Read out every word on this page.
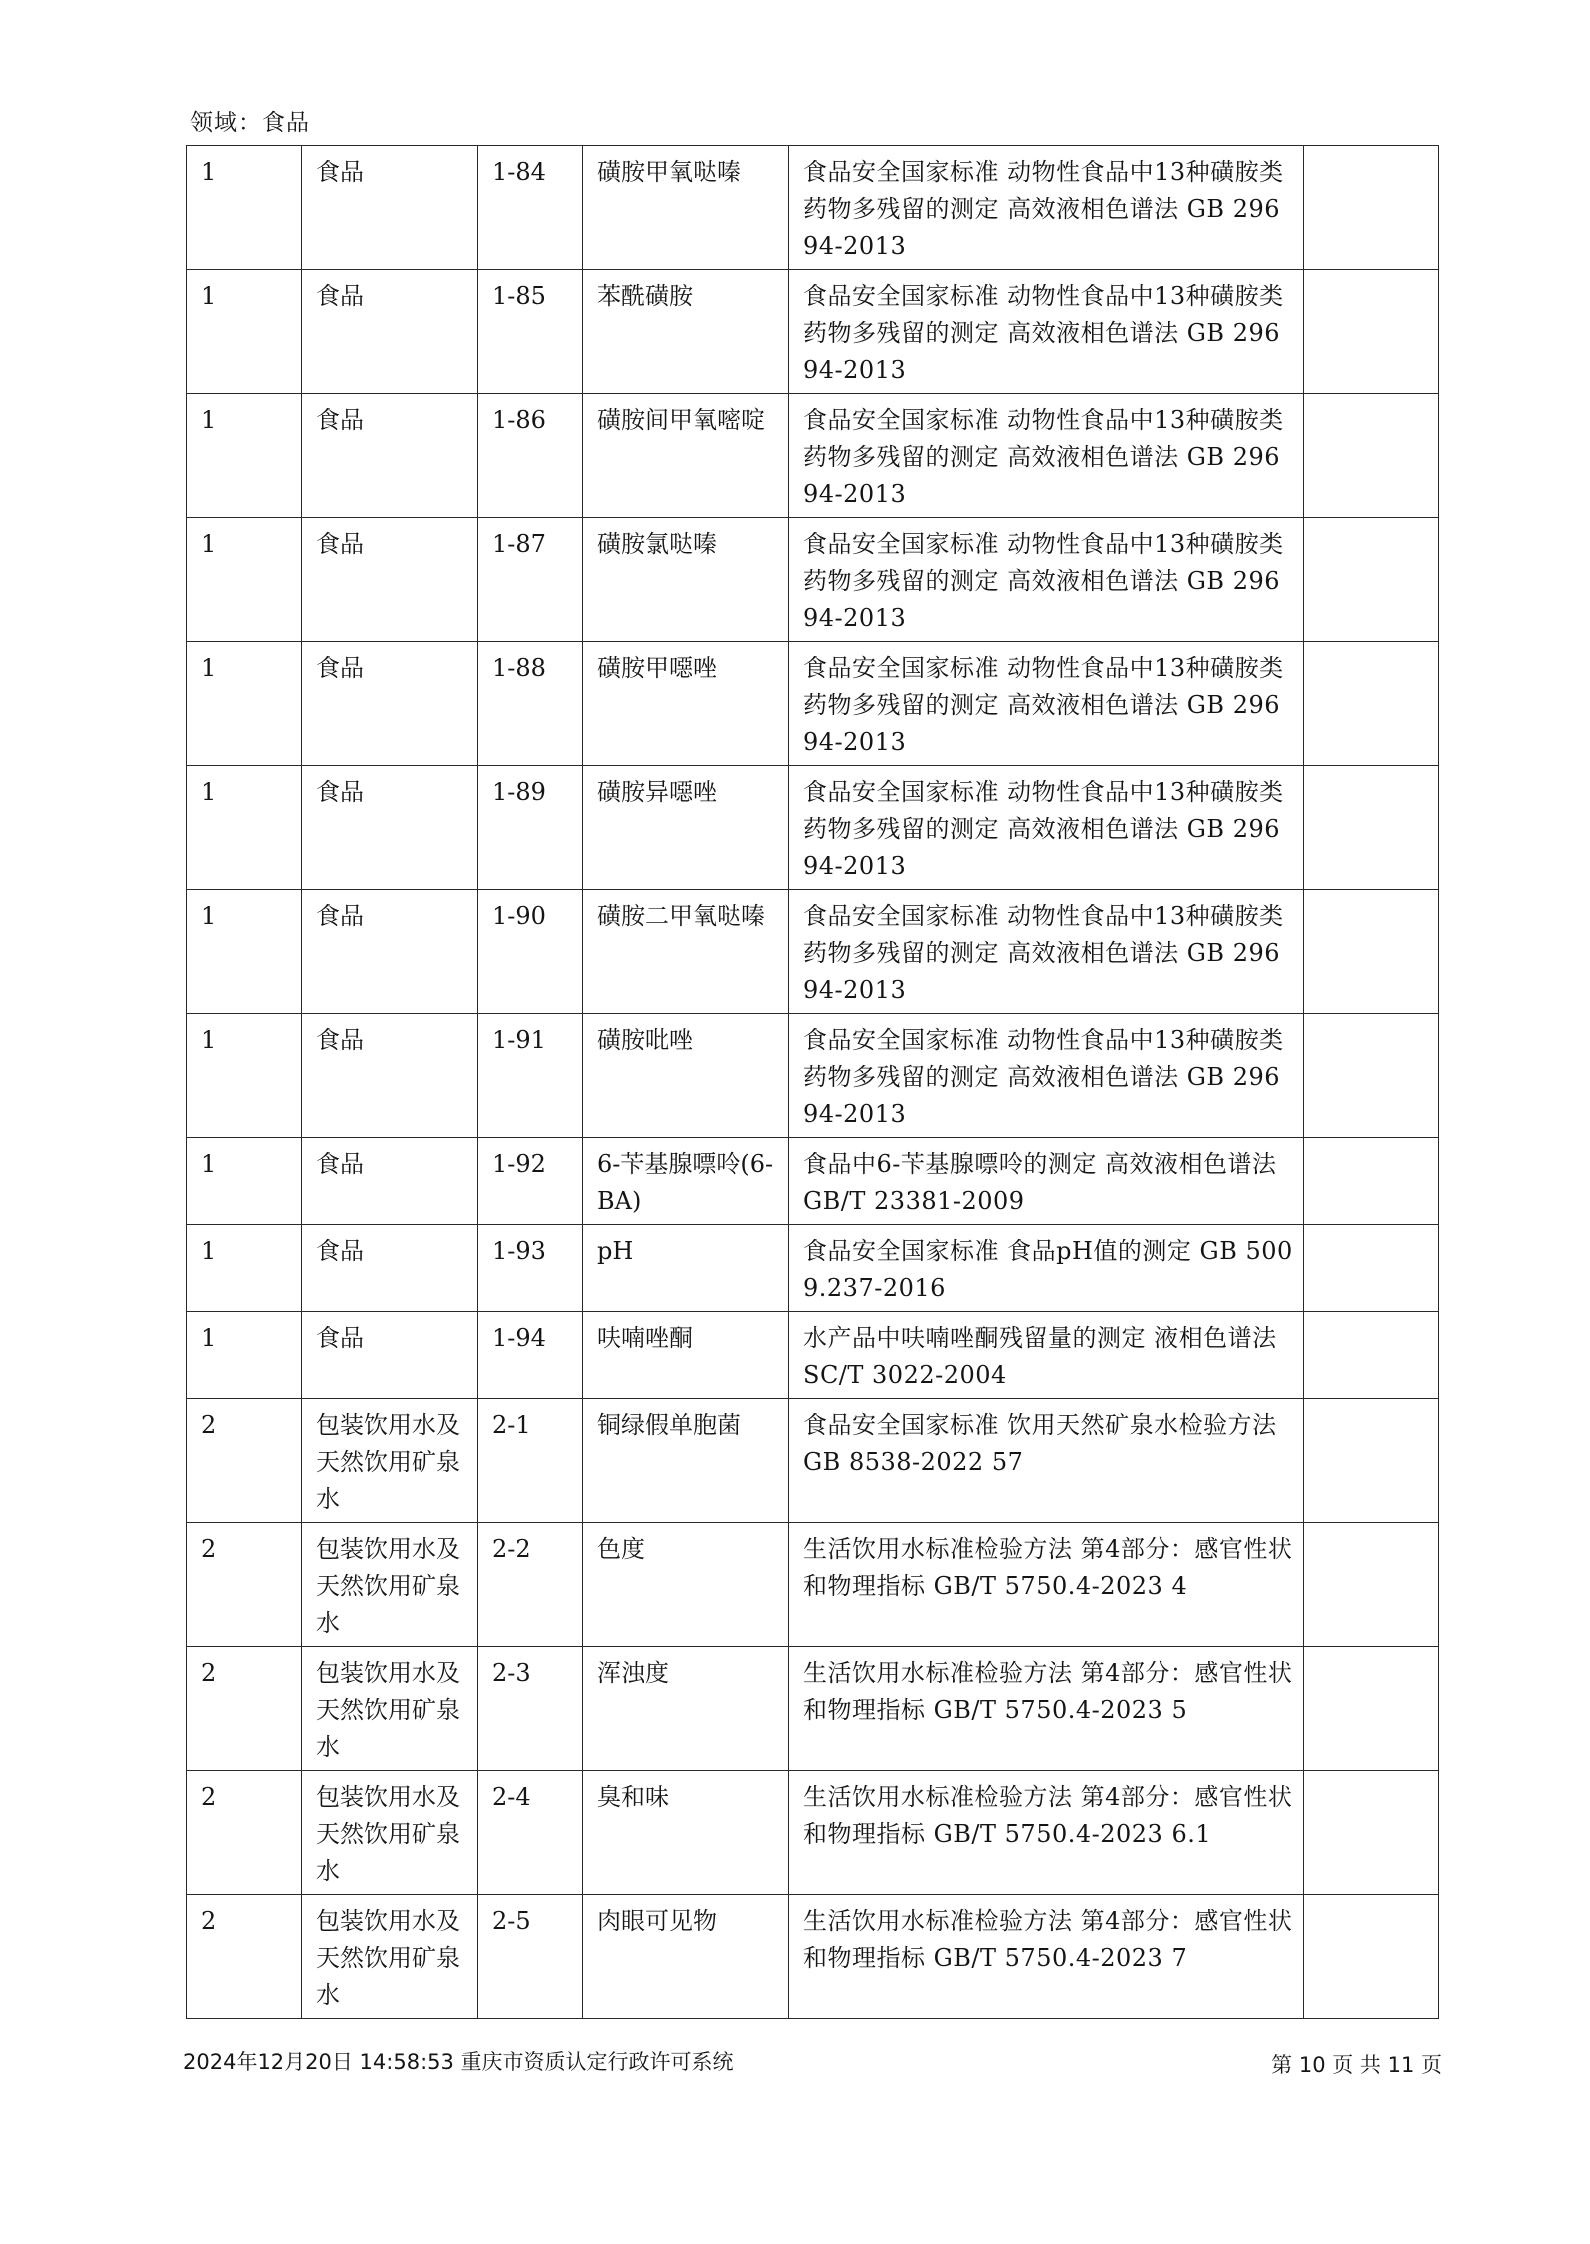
领域：食品
1	食品	1-84	磺胺甲氧哒嗪	食品安全国家标准 动物性食品中13种磺胺类药物多残留的测定 高效液相色谱法 GB 29694-2013	
1	食品	1-85	苯酰磺胺	食品安全国家标准 动物性食品中13种磺胺类药物多残留的测定 高效液相色谱法 GB 29694-2013	
1	食品	1-86	磺胺间甲氧嘧啶	食品安全国家标准 动物性食品中13种磺胺类药物多残留的测定 高效液相色谱法 GB 29694-2013	
1	食品	1-87	磺胺氯哒嗪	食品安全国家标准 动物性食品中13种磺胺类药物多残留的测定 高效液相色谱法 GB 29694-2013	
1	食品	1-88	磺胺甲噁唑	食品安全国家标准 动物性食品中13种磺胺类药物多残留的测定 高效液相色谱法 GB 29694-2013	
1	食品	1-89	磺胺异噁唑	食品安全国家标准 动物性食品中13种磺胺类药物多残留的测定 高效液相色谱法 GB 29694-2013	
1	食品	1-90	磺胺二甲氧哒嗪	食品安全国家标准 动物性食品中13种磺胺类药物多残留的测定 高效液相色谱法 GB 29694-2013	
1	食品	1-91	磺胺吡唑	食品安全国家标准 动物性食品中13种磺胺类药物多残留的测定 高效液相色谱法 GB 29694-2013	
1	食品	1-92	6-苄基腺嘌呤(6-BA)	食品中6-苄基腺嘌呤的测定 高效液相色谱法 GB/T 23381-2009	
1	食品	1-93	pH	食品安全国家标准 食品pH值的测定 GB 5009.237-2016	
1	食品	1-94	呋喃唑酮	水产品中呋喃唑酮残留量的测定 液相色谱法 SC/T 3022-2004	
2	包装饮用水及天然饮用矿泉水	2-1	铜绿假单胞菌	食品安全国家标准 饮用天然矿泉水检验方法 GB 8538-2022 57	
2	包装饮用水及天然饮用矿泉水	2-2	色度	生活饮用水标准检验方法 第4部分：感官性状和物理指标 GB/T 5750.4-2023 4	
2	包装饮用水及天然饮用矿泉水	2-3	浑浊度	生活饮用水标准检验方法 第4部分：感官性状和物理指标 GB/T 5750.4-2023 5	
2	包装饮用水及天然饮用矿泉水	2-4	臭和味	生活饮用水标准检验方法 第4部分：感官性状和物理指标 GB/T 5750.4-2023 6.1	
2	包装饮用水及天然饮用矿泉水	2-5	肉眼可见物	生活饮用水标准检验方法 第4部分：感官性状和物理指标 GB/T 5750.4-2023 7	
2024年12月20日 14:58:53 重庆市资质认定行政许可系统	第 10 页 共 11 页
